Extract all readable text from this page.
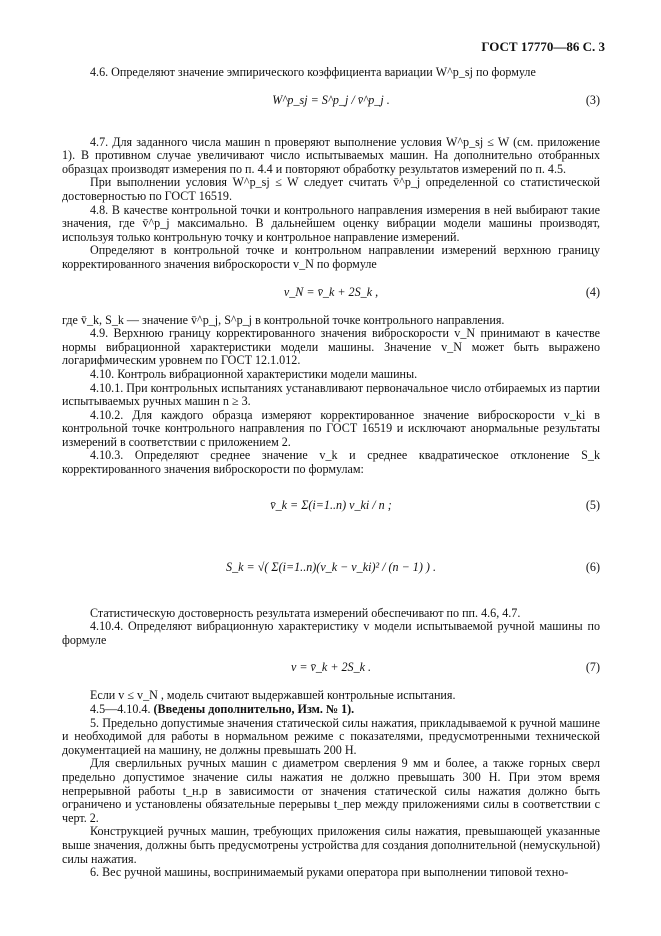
ГОСТ 17770—86 С. 3

4.6. Определяют значение эмпирического коэффициента вариации W^p_sj по формуле

W^p_sj = S^p_j / v̄^p_j .	(3)

4.7. Для заданного числа машин n проверяют выполнение условия W^p_sj ≤ W (см. приложение 1). В противном случае увеличивают число испытываемых машин. На дополнительно отобранных образцах производят измерения по п. 4.4 и повторяют обработку результатов измерений по п. 4.5.

При выполнении условия W^p_sj ≤ W следует считать v̄^p_j определенной со статистической достоверностью по ГОСТ 16519.

4.8. В качестве контрольной точки и контрольного направления измерения в ней выбирают такие значения, где v̄^p_j максимально. В дальнейшем оценку вибрации модели машины производят, используя только контрольную точку и контрольное направление измерений.

Определяют в контрольной точке и контрольном направлении измерений верхнюю границу корректированного значения виброскорости v_N по формуле

v_N = v̄_k + 2S_k ,	(4)

где v̄_k, S_k — значение v̄^p_j, S^p_j в контрольной точке контрольного направления.

4.9. Верхнюю границу корректированного значения виброскорости v_N принимают в качестве нормы вибрационной характеристики модели машины. Значение v_N может быть выражено логарифмическим уровнем по ГОСТ 12.1.012.

4.10. Контроль вибрационной характеристики модели машины.

4.10.1. При контрольных испытаниях устанавливают первоначальное число отбираемых из партии испытываемых ручных машин n ≥ 3.

4.10.2. Для каждого образца измеряют корректированное значение виброскорости v_ki в контрольной точке контрольного направления по ГОСТ 16519 и исключают анормальные результаты измерений в соответствии с приложением 2.

4.10.3. Определяют среднее значение v_k и среднее квадратическое отклонение S_k корректированного значения виброскорости по формулам:

v̄_k = Σ(i=1..n) v_ki / n ;	(5)
S_k = √( Σ(i=1..n)(v_k − v_ki)² / (n − 1) ) .	(6)

Статистическую достоверность результата измерений обеспечивают по пп. 4.6, 4.7.

4.10.4. Определяют вибрационную характеристику v модели испытываемой ручной машины по формуле

v = v̄_k + 2S_k .	(7)

Если v ≤ v_N , модель считают выдержавшей контрольные испытания.

4.5—4.10.4. (Введены дополнительно, Изм. № 1).

5. Предельно допустимые значения статической силы нажатия, прикладываемой к ручной машине и необходимой для работы в нормальном режиме с показателями, предусмотренными технической документацией на машину, не должны превышать 200 Н.

Для сверлильных ручных машин с диаметром сверления 9 мм и более, а также горных сверл предельно допустимое значение силы нажатия не должно превышать 300 Н. При этом время непрерывной работы t_н.р в зависимости от значения статической силы нажатия должно быть ограничено и установлены обязательные перерывы t_пер между приложениями силы в соответствии с черт. 2.

Конструкцией ручных машин, требующих приложения силы нажатия, превышающей указанные выше значения, должны быть предусмотрены устройства для создания дополнительной (немускульной) силы нажатия.

6. Вес ручной машины, воспринимаемый руками оператора при выполнении типовой техно-
